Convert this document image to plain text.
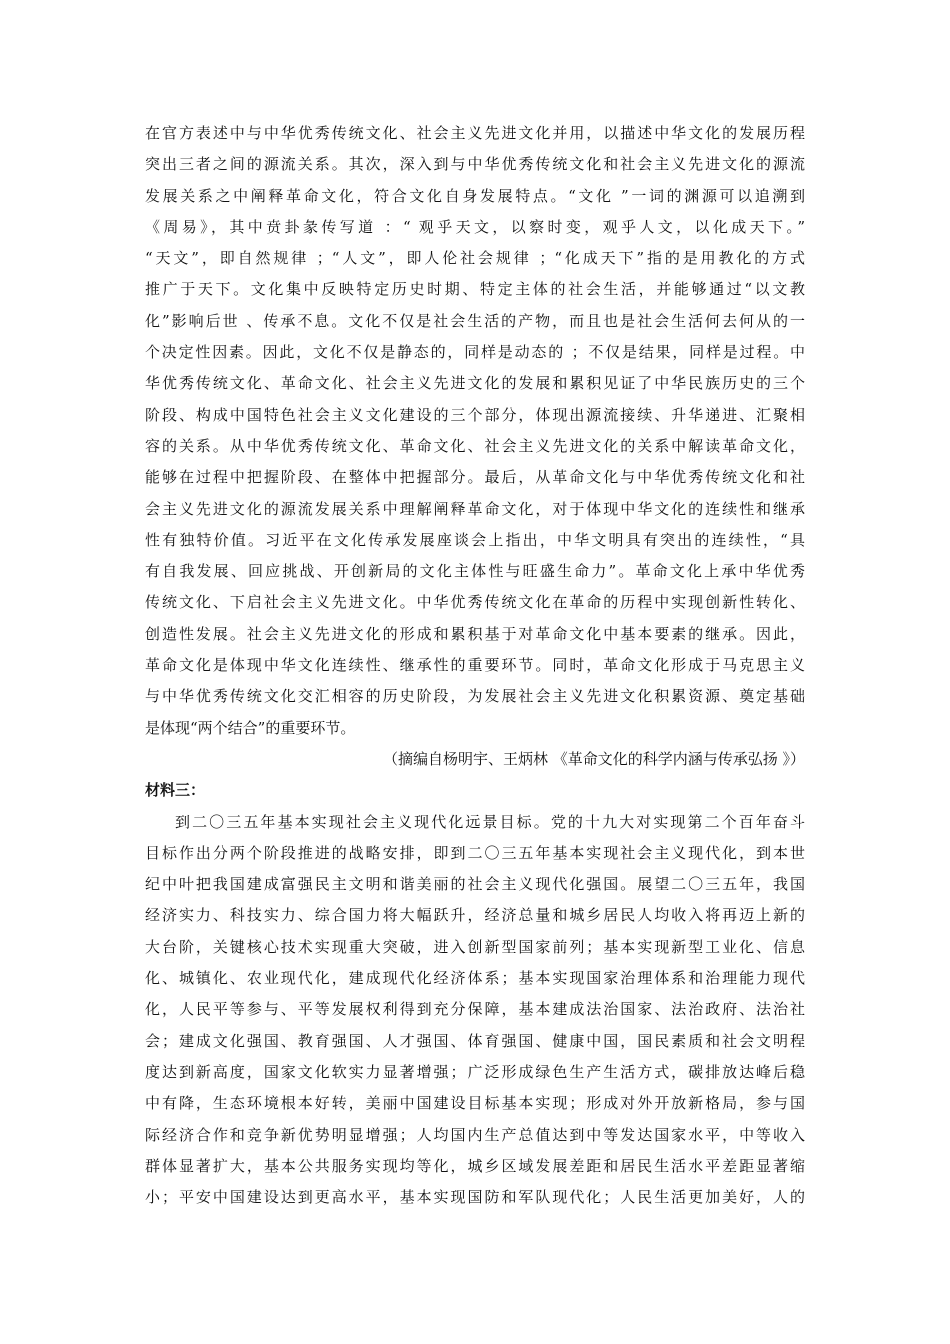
在官方表述中与中华优秀传统文化、社会主义先进文化并用，以描述中华文化的发展历程
突出三者之间的源流关系。其次，深入到与中华优秀传统文化和社会主义先进文化的源流
发展关系之中阐释革命文化，符合文化自身发展特点。“文化 ”一词的渊源可以追溯到
《周易》，其中贲卦彖传写道 ：“ 观乎天文，以察时变，观乎人文，以化成天下。”
“天文”，即自然规律 ；“人文”，即人伦社会规律 ；“化成天下”指的是用教化的方式
推广于天下。文化集中反映特定历史时期、特定主体的社会生活，并能够通过“以文教
化”影响后世 、传承不息。文化不仅是社会生活的产物，而且也是社会生活何去何从的一
个决定性因素。因此，文化不仅是静态的，同样是动态的 ；不仅是结果，同样是过程。中
华优秀传统文化、革命文化、社会主义先进文化的发展和累积见证了中华民族历史的三个
阶段、构成中国特色社会主义文化建设的三个部分，体现出源流接续、升华递进、汇聚相
容的关系。从中华优秀传统文化、革命文化、社会主义先进文化的关系中解读革命文化，
能够在过程中把握阶段、在整体中把握部分。最后，从革命文化与中华优秀传统文化和社
会主义先进文化的源流发展关系中理解阐释革命文化，对于体现中华文化的连续性和继承
性有独特价值。习近平在文化传承发展座谈会上指出，中华文明具有突出的连续性，“具
有自我发展、回应挑战、开创新局的文化主体性与旺盛生命力”。革命文化上承中华优秀
传统文化、下启社会主义先进文化。中华优秀传统文化在革命的历程中实现创新性转化、
创造性发展。社会主义先进文化的形成和累积基于对革命文化中基本要素的继承。因此，
革命文化是体现中华文化连续性、继承性的重要环节。同时，革命文化形成于马克思主义
与中华优秀传统文化交汇相容的历史阶段，为发展社会主义先进文化积累资源、奠定基础
是体现“两个结合”的重要环节。
（摘编自杨明宇、王炳林 《革命文化的科学内涵与传承弘扬 》）
材料三：
到二〇三五年基本实现社会主义现代化远景目标。党的十九大对实现第二个百年奋斗
目标作出分两个阶段推进的战略安排，即到二〇三五年基本实现社会主义现代化，到本世
纪中叶把我国建成富强民主文明和谐美丽的社会主义现代化强国。展望二〇三五年，我国
经济实力、科技实力、综合国力将大幅跃升，经济总量和城乡居民人均收入将再迈上新的
大台阶，关键核心技术实现重大突破，进入创新型国家前列；基本实现新型工业化、信息
化、城镇化、农业现代化，建成现代化经济体系；基本实现国家治理体系和治理能力现代
化，人民平等参与、平等发展权利得到充分保障，基本建成法治国家、法治政府、法治社
会；建成文化强国、教育强国、人才强国、体育强国、健康中国，国民素质和社会文明程
度达到新高度，国家文化软实力显著增强；广泛形成绿色生产生活方式，碳排放达峰后稳
中有降，生态环境根本好转，美丽中国建设目标基本实现；形成对外开放新格局，参与国
际经济合作和竞争新优势明显增强；人均国内生产总值达到中等发达国家水平，中等收入
群体显著扩大，基本公共服务实现均等化，城乡区域发展差距和居民生活水平差距显著缩
小；平安中国建设达到更高水平，基本实现国防和军队现代化；人民生活更加美好，人的
